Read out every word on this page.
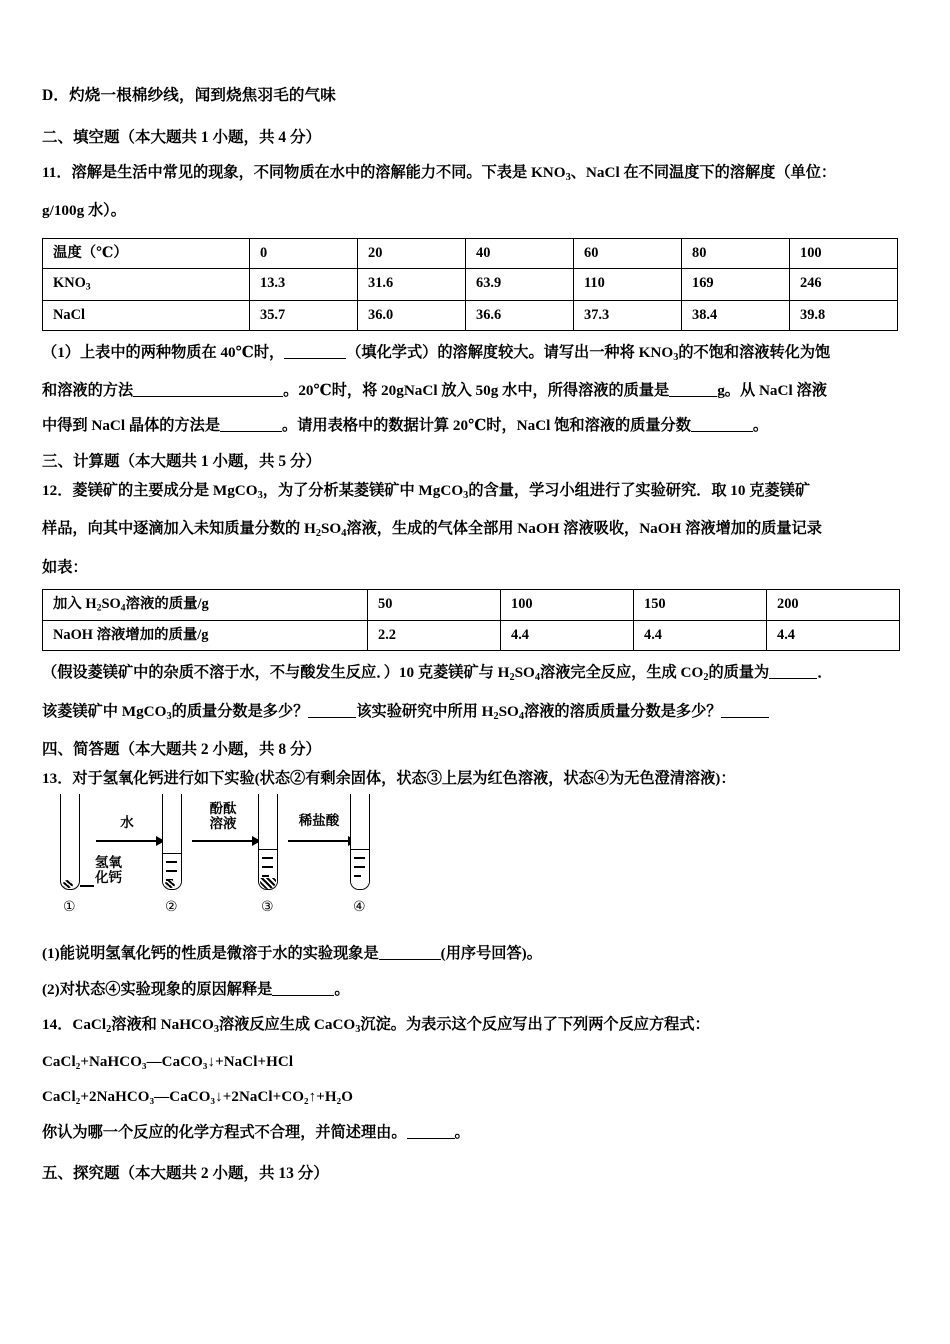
D．灼烧一根棉纱线，闻到烧焦羽毛的气味
二、填空题（本大题共 1 小题，共 4 分）
11．溶解是生活中常见的现象，不同物质在水中的溶解能力不同。下表是 $KNO_3$、NaCl 在不同温度下的溶解度（单位：
g/100g 水）。
温度（℃）	0	20	40	60	80	100
$KNO_3$	13.3	31.6	63.9	110	169	246
NaCl	35.7	36.0	36.6	37.3	38.4	39.8
（1）上表中的两种物质在 40℃时，	（填化学式）的溶解度较大。请写出一种将 $KNO_3$的不饱和溶液转化为饱
和溶液的方法	。20℃时，将 20gNaCl 放入 50g 水中，所得溶液的质量是	g。从 NaCl 溶液
中得到 NaCl 晶体的方法是	。请用表格中的数据计算 20℃时，NaCl 饱和溶液的质量分数	。
三、计算题（本大题共 1 小题，共 5 分）
12．菱镁矿的主要成分是 MgCO$_3$，为了分析某菱镁矿中 MgCO$_3$的含量，学习小组进行了实验研究．取 10 克菱镁矿
样品，向其中逐滴加入未知质量分数的 $H_2SO_4$溶液，生成的气体全部用 NaOH 溶液吸收，NaOH 溶液增加的质量记录
如表：
加入 $H_2SO_4$溶液的质量/g	50	100	150	200
NaOH 溶液增加的质量/g	2.2	4.4	4.4	4.4
（假设菱镁矿中的杂质不溶于水，不与酸发生反应．）10 克菱镁矿与 $H_2SO_4$溶液完全反应，生成 $CO_2$的质量为	．
该菱镁矿中 MgCO$_3$的质量分数是多少？	该实验研究中所用 $H_2SO_4$溶液的溶质质量分数是多少？
四、简答题（本大题共 2 小题，共 8 分）
13．对于氢氧化钙进行如下实验(状态②有剩余固体，状态③上层为红色溶液，状态④为无色澄清溶液)：
氢氧
化钙
①
水
②
酚酞
溶液
③
稀盐酸
④
(1)能说明氢氧化钙的性质是微溶于水的实验现象是	(用序号回答)。
(2)对状态④实验现象的原因解释是	。
14．CaCl$_2$溶液和 NaHCO$_3$溶液反应生成 CaCO$_3$沉淀。为表示这个反应写出了下列两个反应方程式：
CaCl₂+NaHCO₃—CaCO₃↓+NaCl+HCl
CaCl₂+2NaHCO₃—CaCO₃↓+2NaCl+CO₂↑+H₂O
你认为哪一个反应的化学方程式不合理，并简述理由。	。
五、探究题（本大题共 2 小题，共 13 分）
